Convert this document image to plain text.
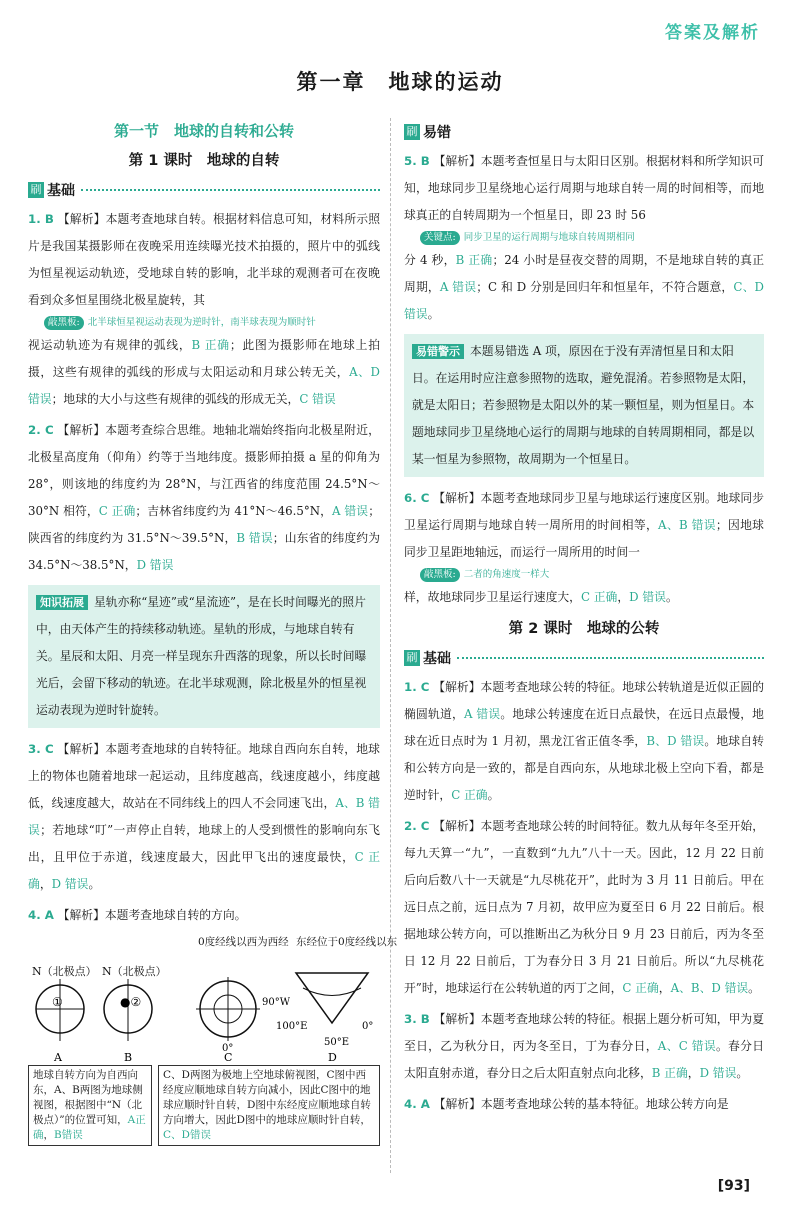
答案及解析
第一章　地球的运动
第一节　地球的自转和公转
第 1 课时　地球的自转
刷 基础

1. B 【解析】本题考查地球自转。根据材料信息可知，材料所示照片是我国某摄影师在夜晚采用连续曝光技术拍摄的，照片中的弧线为恒星视运动轨迹，受地球自转的影响，北半球的观测者可在夜晚看到众多恒星围绕北极星旋转，其

敲黑板: 北半球恒星视运动表现为逆时针，南半球表现为顺时针

视运动轨迹为有规律的弧线，B 正确；此图为摄影师在地球上拍摄，这些有规律的弧线的形成与太阳运动和月球公转无关，A、D 错误；地球的大小与这些有规律的弧线的形成无关，C 错误

2. C 【解析】本题考查综合思维。地轴北端始终指向北极星附近，北极星高度角（仰角）约等于当地纬度。摄影师拍摄 a 星的仰角为 28°，则该地的纬度约为 28°N，与江西省的纬度范围 24.5°N～30°N 相符，C 正确；吉林省纬度约为 41°N～46.5°N，A 错误；陕西省的纬度约为 31.5°N～39.5°N，B 错误；山东省的纬度约为 34.5°N～38.5°N，D 错误

知识拓展 星轨亦称“星迹”或“星流迹”，是在长时间曝光的照片中，由天体产生的持续移动轨迹。星轨的形成，与地球自转有关。星辰和太阳、月亮一样呈现东升西落的现象，所以长时间曝光后，会留下移动的轨迹。在北半球观测，除北极星外的恒星视运动表现为逆时针旋转。

3. C 【解析】本题考查地球的自转特征。地球自西向东自转，地球上的物体也随着地球一起运动，且纬度越高，线速度越小，纬度越低，线速度越大，故站在不同纬线上的四人不会同速飞出，A、B 错误；若地球“叮”一声停止自转，地球上的人受到惯性的影响向东飞出，且甲位于赤道，线速度最大，因此甲飞出的速度最快，C 正确，D 错误。

4. A 【解析】本题考查地球自转的方向。

N（北极点） N（北极点）
0度经线以西为西经 东经位于0度经线以东
①	●②	90°W
0°
100°E	0°
50°E
A	B	C	D
地球自转方向为自西向东，A、B两图为地球侧视图，根据图中“N（北极点）”的位置可知，A正确，B错误
C、D两图为极地上空地球俯视图，C图中西经度应顺地球自转方向减小，因此C图中的地球应顺时针自转，D图中东经度应顺地球自转方向增大，因此D图中的地球应顺时针自转，C、D错误
刷 易错

5. B 【解析】本题考查恒星日与太阳日区别。根据材料和所学知识可知，地球同步卫星绕地心运行周期与地球自转一周的时间相等，而地球真正的自转周期为一个恒星日，即 23 时 56

关键点: 同步卫星的运行周期与地球自转周期相同

分 4 秒，B 正确；24 小时是昼夜交替的周期，不是地球自转的真正周期，A 错误；C 和 D 分别是回归年和恒星年，不符合题意，C、D 错误。

易错警示 本题易错选 A 项，原因在于没有弄清恒星日和太阳日。在运用时应注意参照物的选取，避免混淆。若参照物是太阳，就是太阳日；若参照物是太阳以外的某一颗恒星，则为恒星日。本题地球同步卫星绕地心运行的周期与地球的自转周期相同，都是以某一恒星为参照物，故周期为一个恒星日。

6. C 【解析】本题考查地球同步卫星与地球运行速度区别。地球同步卫星运行周期与地球自转一周所用的时间相等，A、B 错误；因地球同步卫星距地轴远，而运行一周所用的时间一

敲黑板: 二者的角速度一样大

样，故地球同步卫星运行速度大，C 正确，D 错误。

第 2 课时　地球的公转
刷 基础

1. C 【解析】本题考查地球公转的特征。地球公转轨道是近似正圆的椭圆轨道，A 错误。地球公转速度在近日点最快，在远日点最慢，地球在近日点时为 1 月初，黑龙江省正值冬季，B、D 错误。地球自转和公转方向是一致的，都是自西向东，从地球北极上空向下看，都是逆时针，C 正确。

2. C 【解析】本题考查地球公转的时间特征。数九从每年冬至开始，每九天算一“九”，一直数到“九九”八十一天。因此，12 月 22 日前后向后数八十一天就是“九尽桃花开”，此时为 3 月 11 日前后。甲在远日点之前，远日点为 7 月初，故甲应为夏至日 6 月 22 日前后。根据地球公转方向，可以推断出乙为秋分日 9 月 23 日前后，丙为冬至日 12 月 22 日前后，丁为春分日 3 月 21 日前后。所以“九尽桃花开”时，地球运行在公转轨道的丙丁之间，C 正确，A、B、D 错误。

3. B 【解析】本题考查地球公转的特征。根据上题分析可知，甲为夏至日，乙为秋分日，丙为冬至日，丁为春分日，A、C 错误。春分日太阳直射赤道，春分日之后太阳直射点向北移，B 正确，D 错误。

4. A 【解析】本题考查地球公转的基本特征。地球公转方向是

[93]
